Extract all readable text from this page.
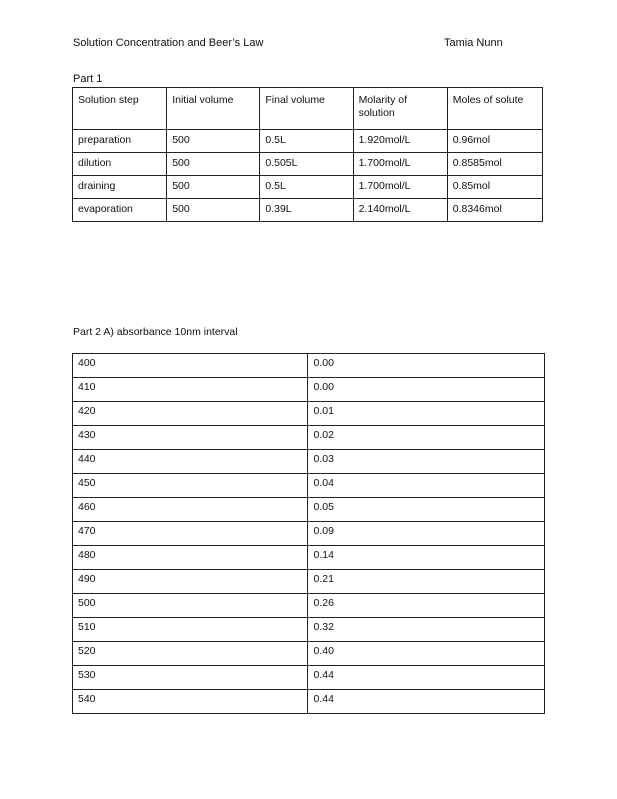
Solution Concentration and Beer’s Law	Tamia Nunn
Part 1
Solution step	Initial volume	Final volume	Molarity of solution	Moles of solute
preparation	500	0.5L	1.920mol/L	0.96mol
dilution	500	0.505L	1.700mol/L	0.8585mol
draining	500	0.5L	1.700mol/L	0.85mol
evaporation	500	0.39L	2.140mol/L	0.8346mol
Part 2 A) absorbance 10nm interval
400	0.00
410	0.00
420	0.01
430	0.02
440	0.03
450	0.04
460	0.05
470	0.09
480	0.14
490	0.21
500	0.26
510	0.32
520	0.40
530	0.44
540	0.44
